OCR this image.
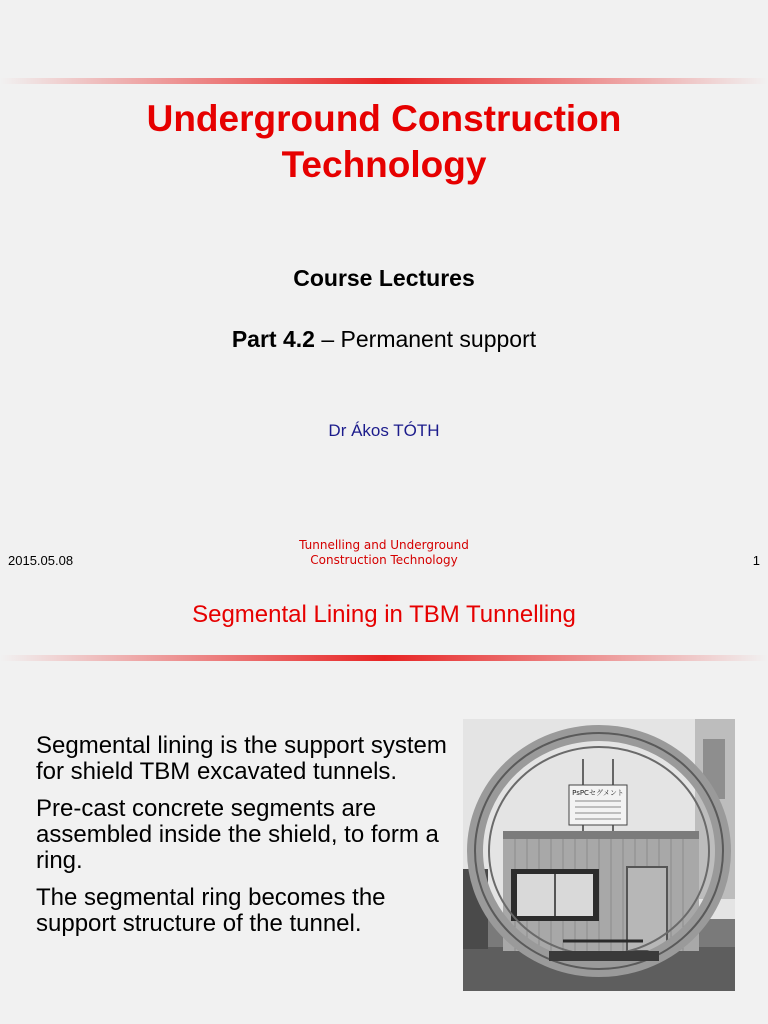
Underground Construction
Technology
Course Lectures
Part 4.2 – Permanent support
Dr Ákos TÓTH
2015.05.08
Tunnelling and Underground
Construction Technology	1
Segmental Lining in TBM Tunnelling

Segmental lining is the support system for shield TBM excavated tunnels.

Pre-cast concrete segments are assembled inside the shield, to form a ring.

The segmental ring becomes the support structure of the tunnel.

PsPCセグメント
